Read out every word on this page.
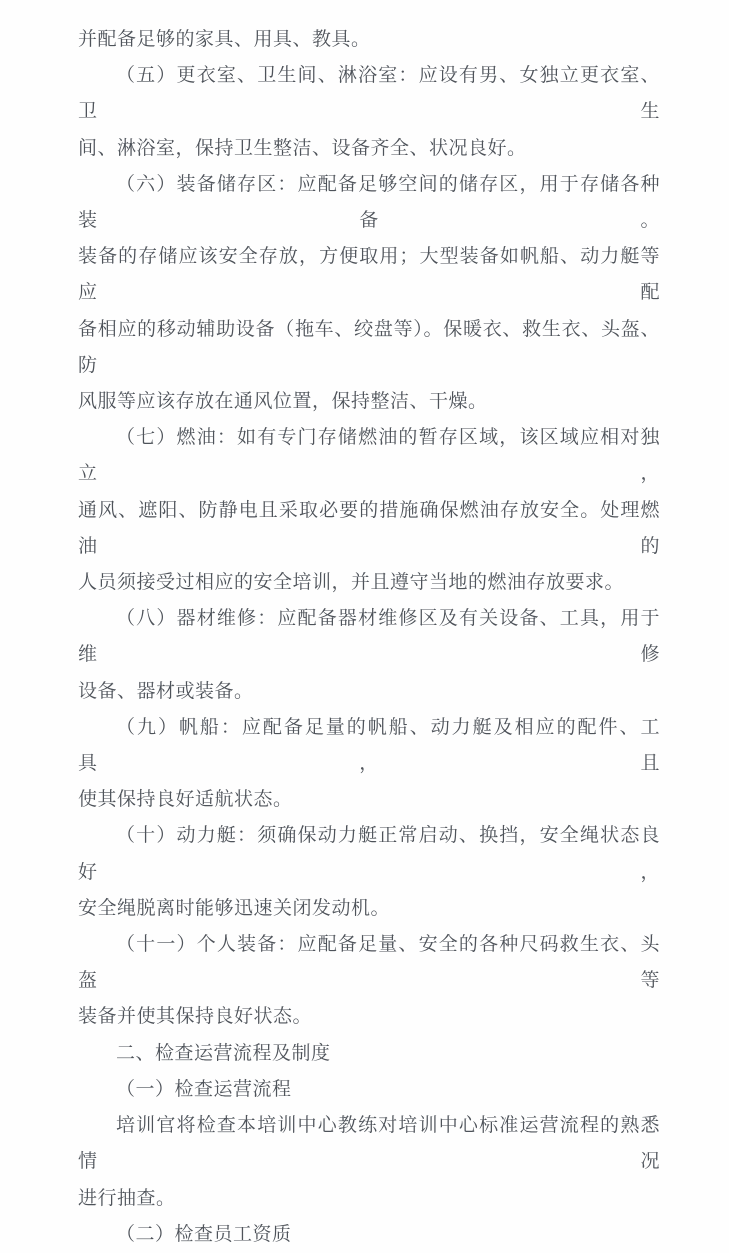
并配备足够的家具、用具、教具。
（五）更衣室、卫生间、淋浴室：应设有男、女独立更衣室、卫生
间、淋浴室，保持卫生整洁、设备齐全、状况良好。
（六）装备储存区：应配备足够空间的储存区，用于存储各种装备。
装备的存储应该安全存放，方便取用；大型装备如帆船、动力艇等应配
备相应的移动辅助设备（拖车、绞盘等）。保暖衣、救生衣、头盔、防
风服等应该存放在通风位置，保持整洁、干燥。
（七）燃油：如有专门存储燃油的暂存区域，该区域应相对独立，
通风、遮阳、防静电且采取必要的措施确保燃油存放安全。处理燃油的
人员须接受过相应的安全培训，并且遵守当地的燃油存放要求。
（八）器材维修：应配备器材维修区及有关设备、工具，用于维修
设备、器材或装备。
（九）帆船：应配备足量的帆船、动力艇及相应的配件、工具，且
使其保持良好适航状态。
（十）动力艇：须确保动力艇正常启动、换挡，安全绳状态良好，
安全绳脱离时能够迅速关闭发动机。
（十一）个人装备：应配备足量、安全的各种尺码救生衣、头盔等
装备并使其保持良好状态。
二、检查运营流程及制度
（一）检查运营流程
培训官将检查本培训中心教练对培训中心标准运营流程的熟悉情况
进行抽查。
（二）检查员工资质
